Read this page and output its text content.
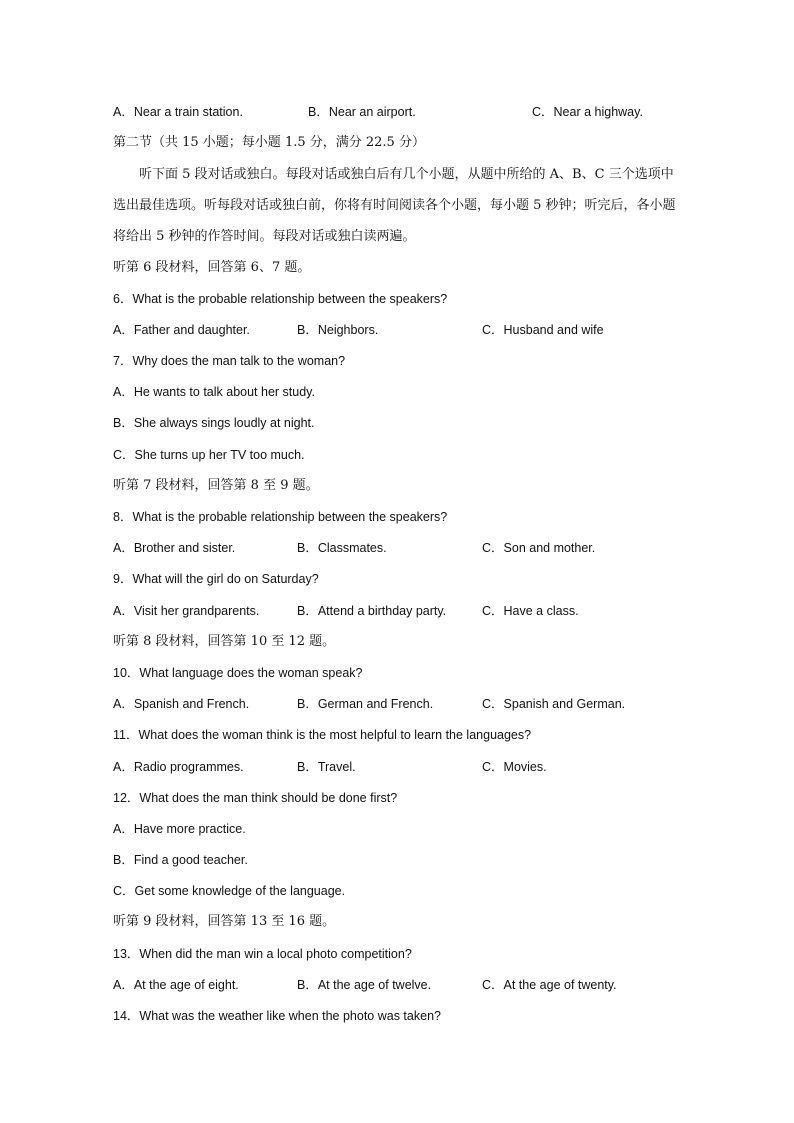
A．Near a train station.	B．Near an airport.	C．Near a highway.
第二节（共 15 小题；每小题 1.5 分，满分 22.5 分）
听下面 5 段对话或独白。每段对话或独白后有几个小题，从题中所给的 A、B、C 三个选项中选出最佳选项。听每段对话或独白前，你将有时间阅读各个小题，每小题 5 秒钟；听完后，各小题将给出 5 秒钟的作答时间。每段对话或独白读两遍。
听第 6 段材料，回答第 6、7 题。
6．What is the probable relationship between the speakers?
A．Father and daughter.	B．Neighbors.	C．Husband and wife
7．Why does the man talk to the woman?
A．He wants to talk about her study.
B．She always sings loudly at night.
C．She turns up her TV too much.
听第 7 段材料，回答第 8 至 9 题。
8．What is the probable relationship between the speakers?
A．Brother and sister.	B．Classmates.	C．Son and mother.
9．What will the girl do on Saturday?
A．Visit her grandparents.	B．Attend a birthday party.	C．Have a class.
听第 8 段材料，回答第 10 至 12 题。
10．What language does the woman speak?
A．Spanish and French.	B．German and French.	C．Spanish and German.
11．What does the woman think is the most helpful to learn the languages?
A．Radio programmes.	B．Travel.	C．Movies.
12．What does the man think should be done first?
A．Have more practice.
B．Find a good teacher.
C．Get some knowledge of the language.
听第 9 段材料，回答第 13 至 16 题。
13．When did the man win a local photo competition?
A．At the age of eight.	B．At the age of twelve.	C．At the age of twenty.
14．What was the weather like when the photo was taken?
